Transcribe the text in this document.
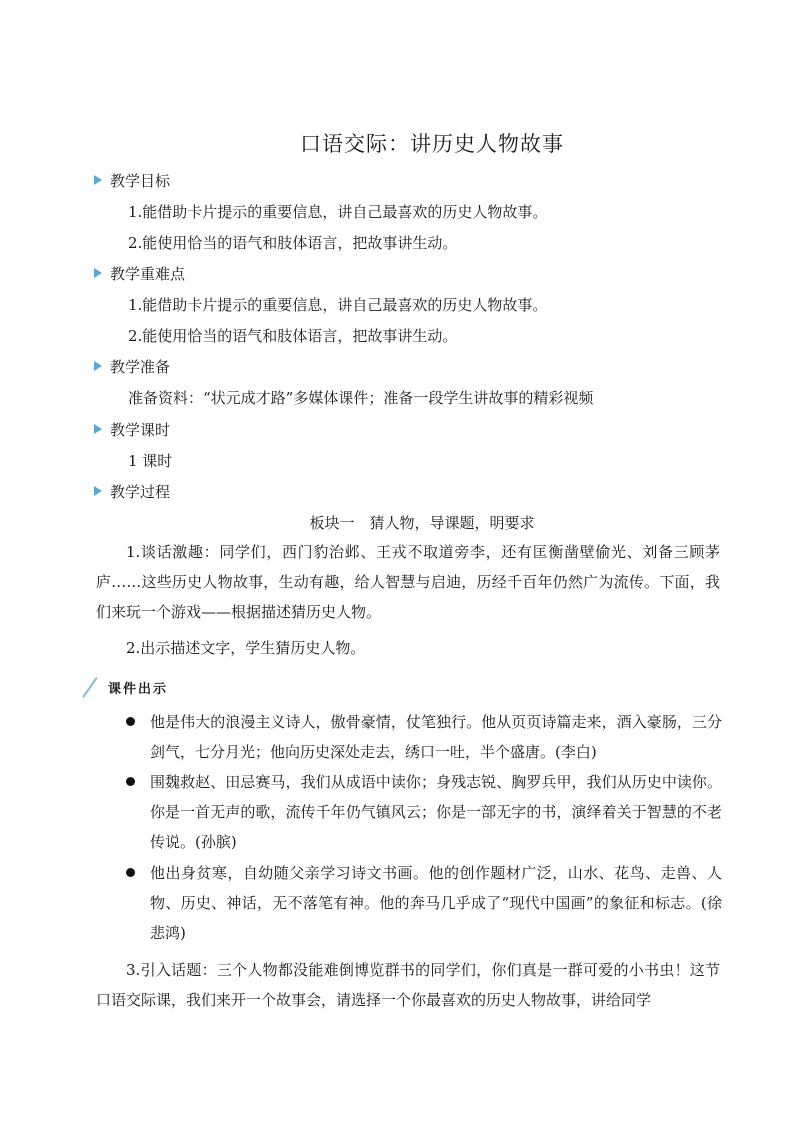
口语交际：讲历史人物故事
教学目标
1.能借助卡片提示的重要信息，讲自己最喜欢的历史人物故事。
2.能使用恰当的语气和肢体语言，把故事讲生动。
教学重难点
1.能借助卡片提示的重要信息，讲自己最喜欢的历史人物故事。
2.能使用恰当的语气和肢体语言，把故事讲生动。
教学准备
准备资料：“状元成才路”多媒体课件；准备一段学生讲故事的精彩视频
教学课时
1 课时
教学过程
板块一　猜人物，导课题，明要求
1.谈话激趣：同学们，西门豹治邺、王戎不取道旁李，还有匡衡凿壁偷光、刘备三顾茅庐……这些历史人物故事，生动有趣，给人智慧与启迪，历经千百年仍然广为流传。下面，我们来玩一个游戏——根据描述猜历史人物。
2.出示描述文字，学生猜历史人物。
课件出示
他是伟大的浪漫主义诗人，傲骨豪情，仗笔独行。他从页页诗篇走来，酒入豪肠，三分剑气，七分月光；他向历史深处走去，绣口一吐，半个盛唐。(李白)
围魏救赵、田忌赛马，我们从成语中读你；身残志锐、胸罗兵甲，我们从历史中读你。你是一首无声的歌，流传千年仍气镇风云；你是一部无字的书，演绎着关于智慧的不老传说。(孙膑)
他出身贫寒，自幼随父亲学习诗文书画。他的创作题材广泛，山水、花鸟、走兽、人物、历史、神话，无不落笔有神。他的奔马几乎成了“现代中国画”的象征和标志。(徐悲鸿)
3.引入话题：三个人物都没能难倒博览群书的同学们，你们真是一群可爱的小书虫！这节口语交际课，我们来开一个故事会，请选择一个你最喜欢的历史人物故事，讲给同学
